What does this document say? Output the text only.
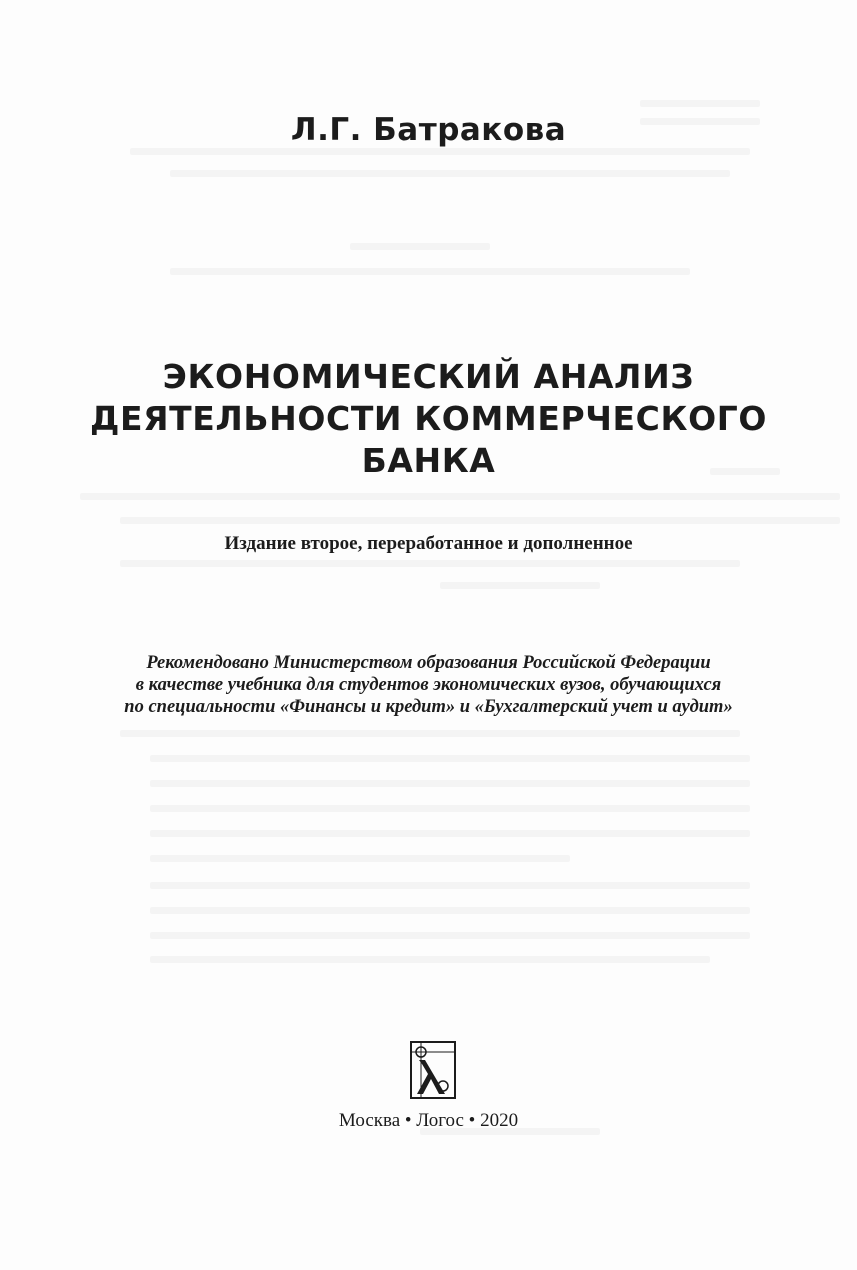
Л.Г. Батракова
ЭКОНОМИЧЕСКИЙ АНАЛИЗ
ДЕЯТЕЛЬНОСТИ КОММЕРЧЕСКОГО
БАНКА
Издание второе, переработанное и дополненное
Рекомендовано Министерством образования Российской Федерации
в качестве учебника для студентов экономических вузов, обучающихся
по специальности «Финансы и кредит» и «Бухгалтерский учет и аудит»
Москва • Логос • 2020
